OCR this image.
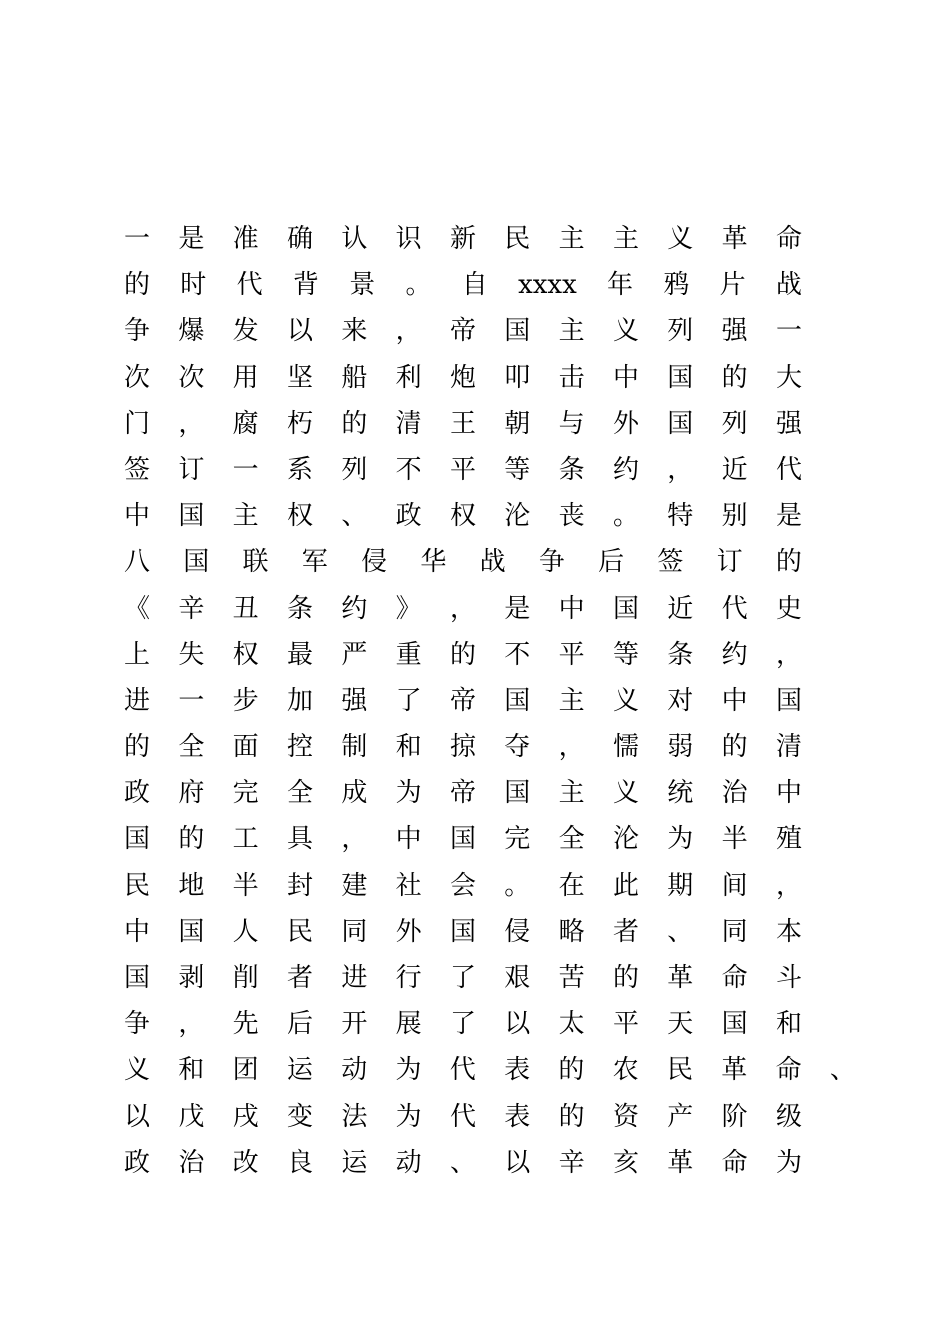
一 是 准 确 认 识 新 民 主 主 义 革 命
的 时 代 背 景 。 自 xxxx 年 鸦 片 战
争 爆 发 以 来 ， 帝 国 主 义 列 强 一
次 次 用 坚 船 利 炮 叩 击 中 国 的 大
门 ， 腐 朽 的 清 王 朝 与 外 国 列 强
签 订 一 系 列 不 平 等 条 约 ， 近 代
中 国 主 权 、 政 权 沦 丧 。 特 别 是
八 国 联 军 侵 华 战 争 后 签 订 的
《 辛 丑 条 约 》 ， 是 中 国 近 代 史
上 失 权 最 严 重 的 不 平 等 条 约 ，
进 一 步 加 强 了 帝 国 主 义 对 中 国
的 全 面 控 制 和 掠 夺 ， 懦 弱 的 清
政 府 完 全 成 为 帝 国 主 义 统 治 中
国 的 工 具 ， 中 国 完 全 沦 为 半 殖
民 地 半 封 建 社 会 。 在 此 期 间 ，
中 国 人 民 同 外 国 侵 略 者 、 同 本
国 剥 削 者 进 行 了 艰 苦 的 革 命 斗
争 ， 先 后 开 展 了 以 太 平 天 国 和
义 和 团 运 动 为 代 表 的 农 民 革 命 、
以 戊 戌 变 法 为 代 表 的 资 产 阶 级
政 治 改 良 运 动 、 以 辛 亥 革 命 为
